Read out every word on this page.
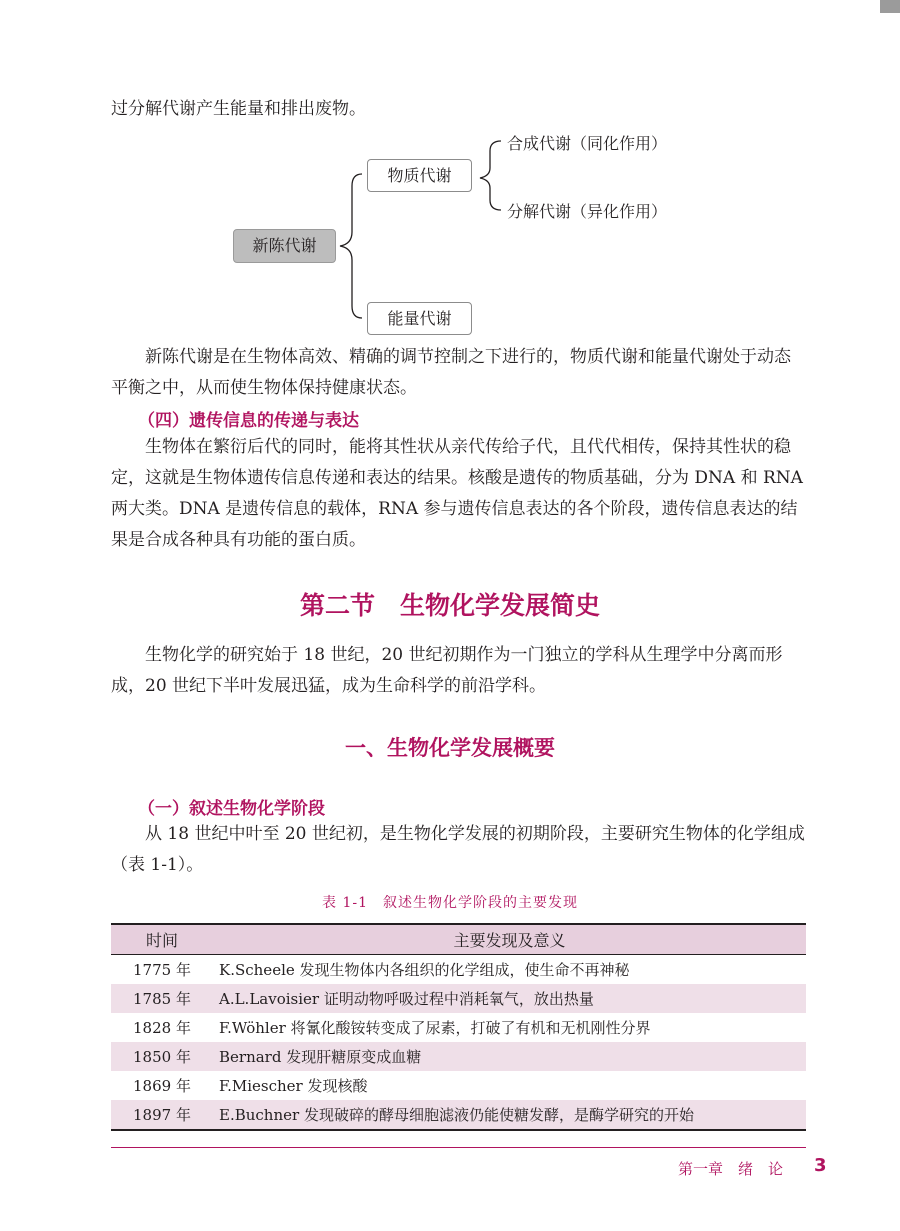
过分解代谢产生能量和排出废物。
新陈代谢
物质代谢
能量代谢
合成代谢（同化作用）
分解代谢（异化作用）
新陈代谢是在生物体高效、精确的调节控制之下进行的，物质代谢和能量代谢处于动态平衡之中，从而使生物体保持健康状态。
（四）遗传信息的传递与表达
生物体在繁衍后代的同时，能将其性状从亲代传给子代，且代代相传，保持其性状的稳定，这就是生物体遗传信息传递和表达的结果。核酸是遗传的物质基础，分为 DNA 和 RNA 两大类。DNA 是遗传信息的载体，RNA 参与遗传信息表达的各个阶段，遗传信息表达的结果是合成各种具有功能的蛋白质。
第二节　生物化学发展简史
生物化学的研究始于 18 世纪，20 世纪初期作为一门独立的学科从生理学中分离而形成，20 世纪下半叶发展迅猛，成为生命科学的前沿学科。
一、生物化学发展概要
（一）叙述生物化学阶段
从 18 世纪中叶至 20 世纪初，是生物化学发展的初期阶段，主要研究生物体的化学组成（表 1-1）。
表 1-1　叙述生物化学阶段的主要发现
时间	主要发现及意义
1775 年	K.Scheele 发现生物体内各组织的化学组成，使生命不再神秘
1785 年	A.L.Lavoisier 证明动物呼吸过程中消耗氧气，放出热量
1828 年	F.Wöhler 将氰化酸铵转变成了尿素，打破了有机和无机刚性分界
1850 年	Bernard 发现肝糖原变成血糖
1869 年	F.Miescher 发现核酸
1897 年	E.Buchner 发现破碎的酵母细胞滤液仍能使糖发酵，是酶学研究的开始
第一章　绪　论 3
